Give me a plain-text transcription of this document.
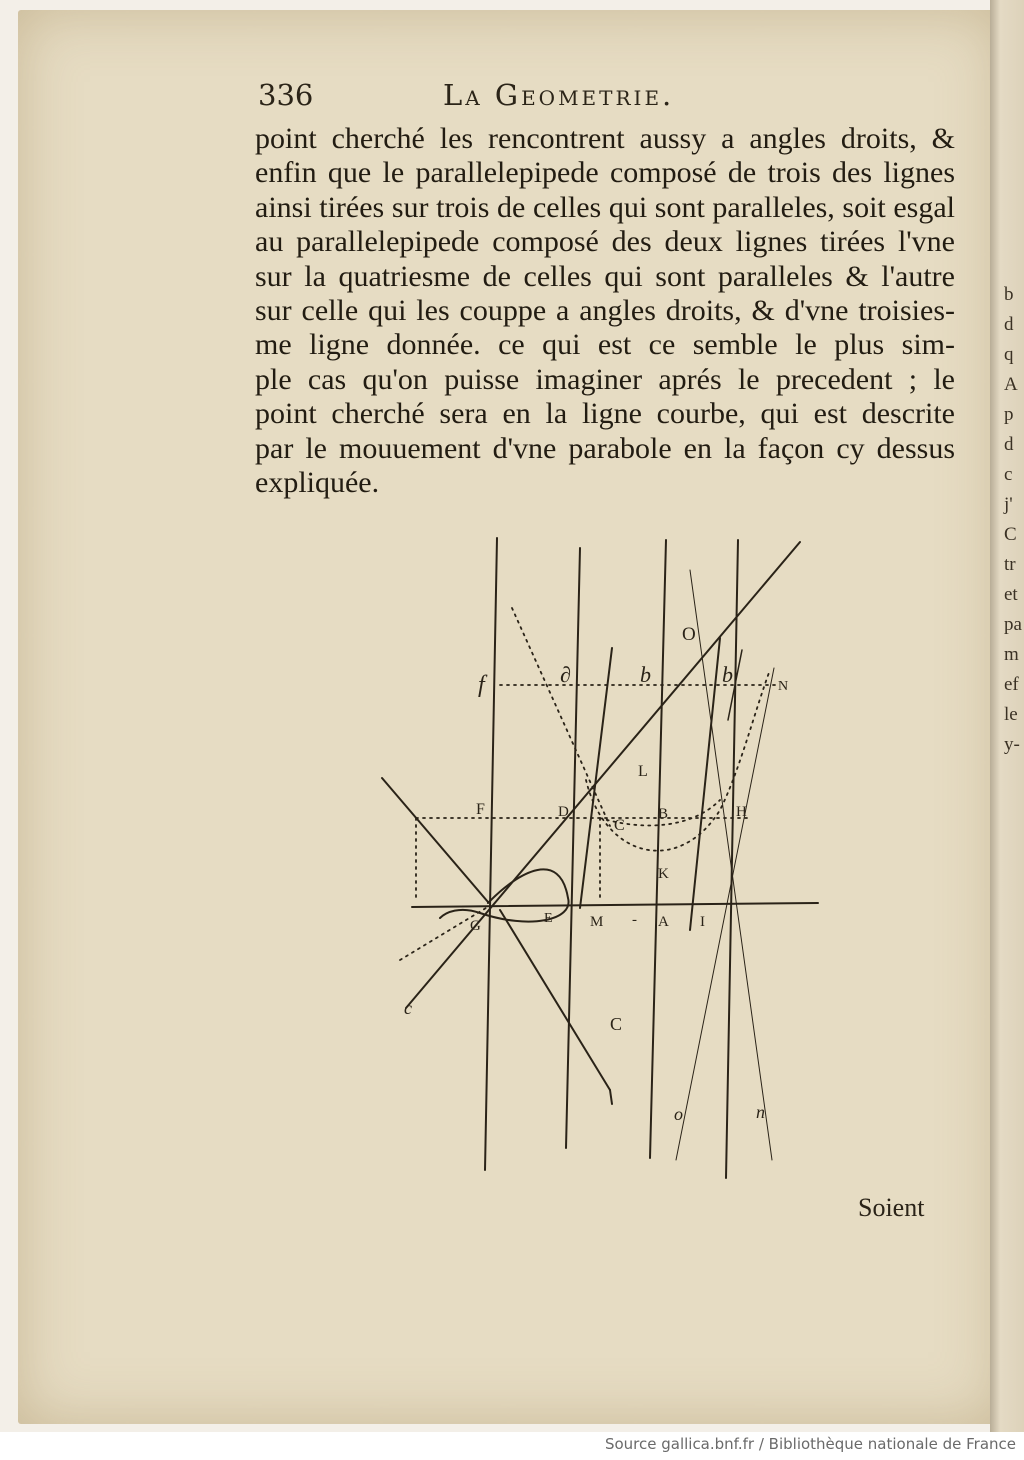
336	La Geometrie.
point cherché les rencontrent aussy a angles droits, &
enfin que le parallelepipede composé de trois des lignes
ainsi tirées sur trois de celles qui sont paralleles, soit esgal
au parallelepipede composé des deux lignes tirées l'vne
sur la quatriesme de celles qui sont paralleles & l'autre
sur celle qui les couppe a angles droits, & d'vne troisies-
me ligne donnée. ce qui est ce semble le plus sim-
ple cas qu'on puisse imaginer aprés le precedent ; le
point cherché sera en la ligne courbe, qui est descrite
par le mouuement d'vne parabole en la façon cy dessus
expliquée.
f	∂	b	b
O
N
L
F	D
C
B	H
K
G	E M - A I
c
C
o	n
Soient
b
d
q
A
p
d
c
j'
C
tr
et
pa
m
ef
le
y-
Source gallica.bnf.fr / Bibliothèque nationale de France
